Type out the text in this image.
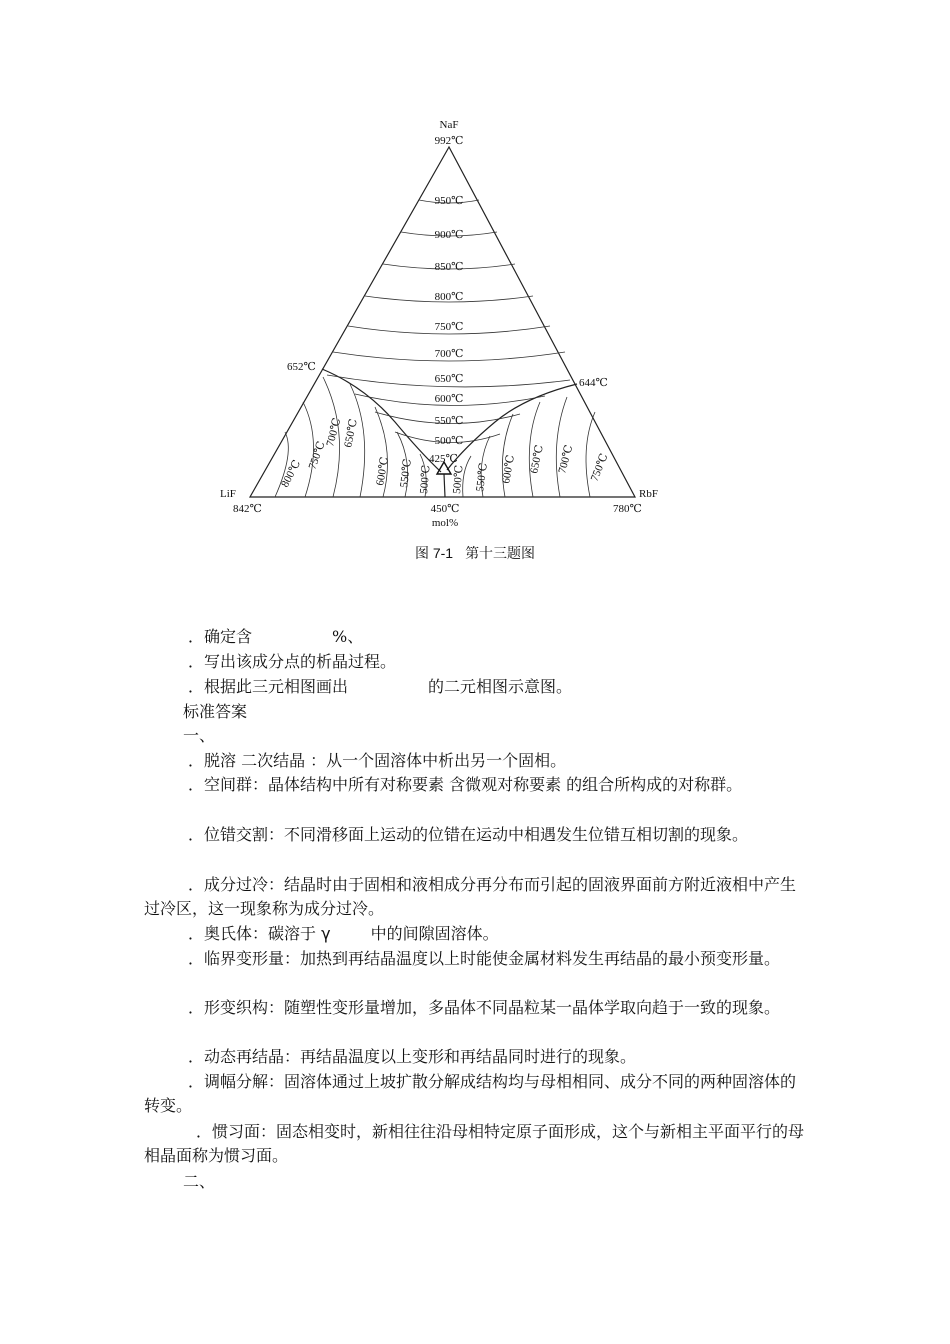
NaF
992℃
LiF
842℃
RbF
780℃
652℃
644℃
450℃
mol%
425℃
950℃
900℃
850℃
800℃
750℃
700℃
650℃
600℃
550℃
500℃
800℃
750℃
700℃
650℃
600℃ 550℃ 500℃ 500℃ 550℃ 600℃ 650℃ 700℃ 750℃
图 7-1 第十三题图
．确定含	%、
．写出该成分点的析晶过程。
．根据此三元相图画出	的二元相图示意图。
标准答案
一、
．脱溶 二次结晶 ：从一个固溶体中析出另一个固相。
．空间群：晶体结构中所有对称要素 含微观对称要素 的组合所构成的对称群。
．位错交割：不同滑移面上运动的位错在运动中相遇发生位错互相切割的现象。
．成分过冷：结晶时由于固相和液相成分再分布而引起的固液界面前方附近液相中产生过冷区，这一现象称为成分过冷。
．奥氏体：碳溶于 γ	中的间隙固溶体。
．临界变形量：加热到再结晶温度以上时能使金属材料发生再结晶的最小预变形量。
．形变织构：随塑性变形量增加，多晶体不同晶粒某一晶体学取向趋于一致的现象。
．动态再结晶：再结晶温度以上变形和再结晶同时进行的现象。
．调幅分解：固溶体通过上坡扩散分解成结构均与母相相同、成分不同的两种固溶体的转变。
．惯习面：固态相变时，新相往往沿母相特定原子面形成，这个与新相主平面平行的母相晶面称为惯习面。
二、
